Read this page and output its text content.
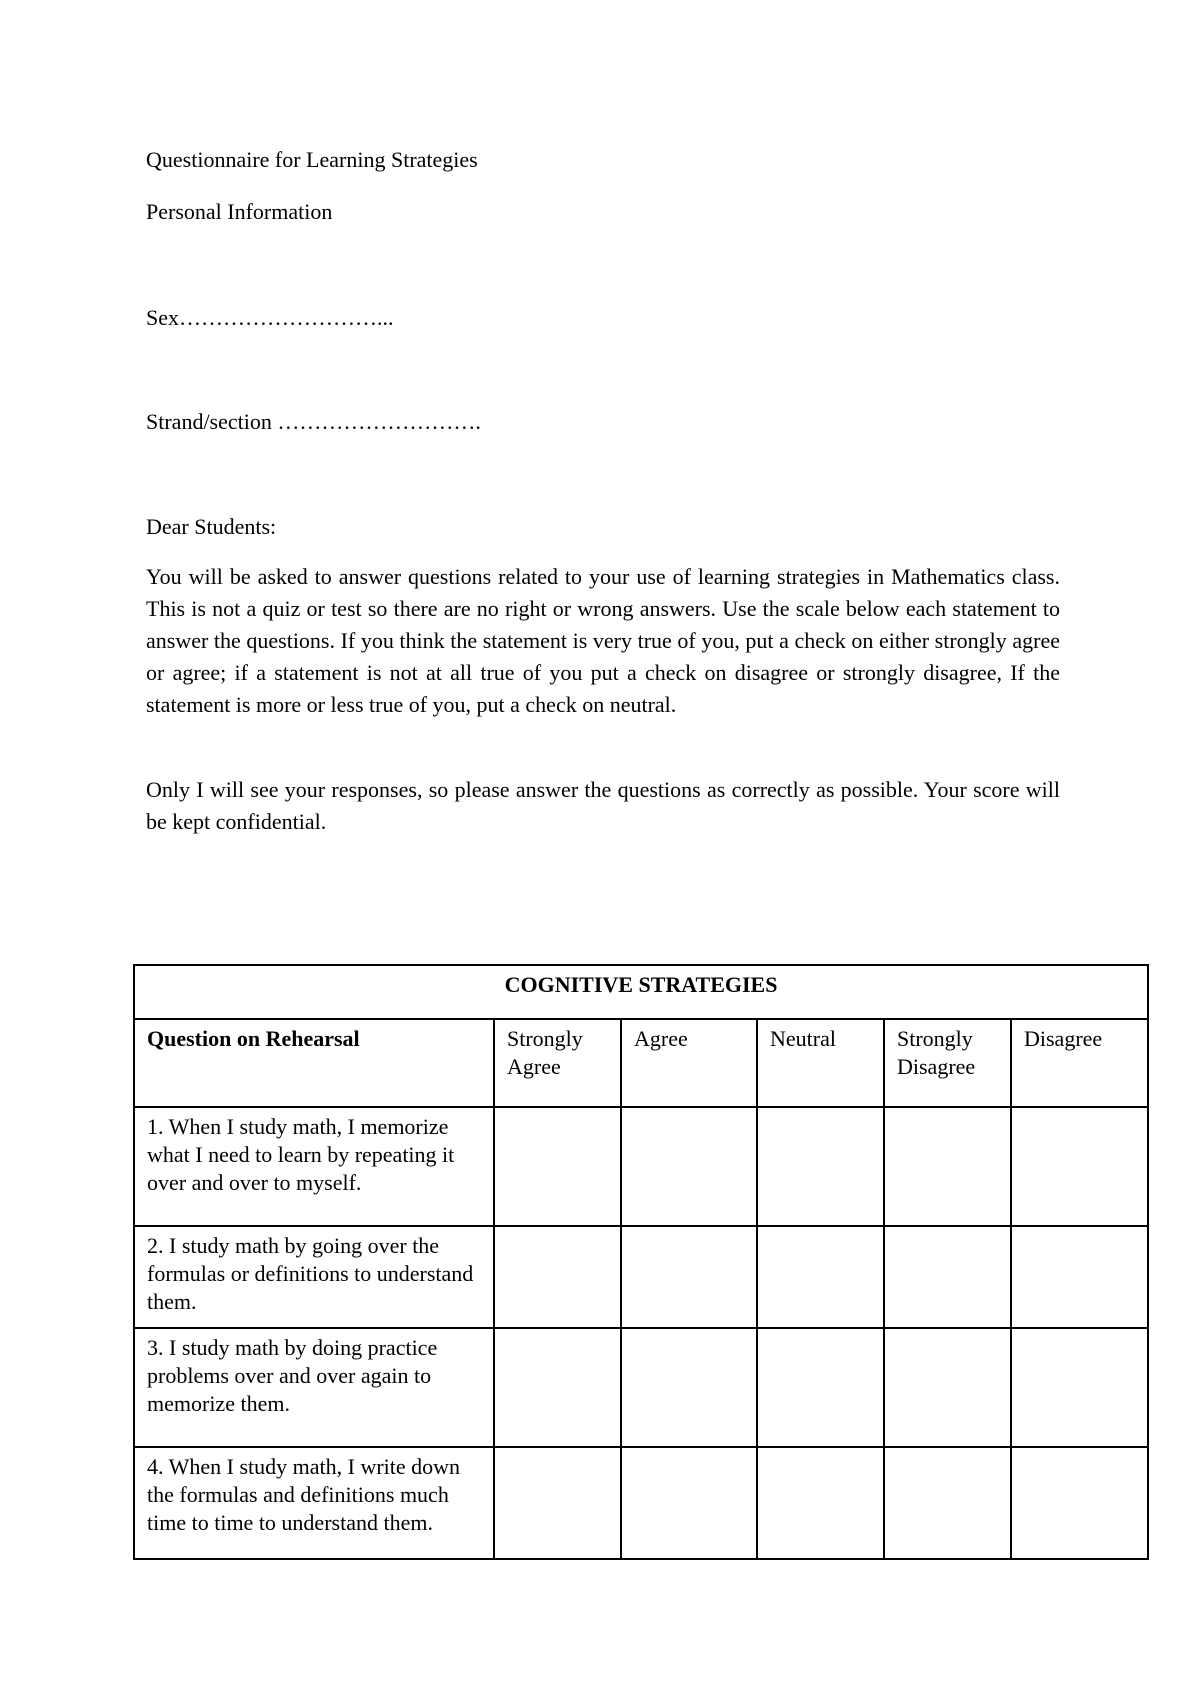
Questionnaire for Learning Strategies

Personal Information

Sex………………………...

Strand/section ……………………….

Dear Students:

You will be asked to answer questions related to your use of learning strategies in Mathematics class. This is not a quiz or test so there are no right or wrong answers. Use the scale below each statement to answer the questions. If you think the statement is very true of you, put a check on either strongly agree or agree; if a statement is not at all true of you put a check on disagree or strongly disagree, If the statement is more or less true of you, put a check on neutral.

Only I will see your responses, so please answer the questions as correctly as possible. Your score will be kept confidential.

COGNITIVE STRATEGIES					
Question on Rehearsal	Strongly Agree	Agree	Neutral	Strongly Disagree	Disagree
1. When I study math, I memorize what I need to learn by repeating it over and over to myself.					
2. I study math by going over the formulas or definitions to understand them.					
3. I study math by doing practice problems over and over again to memorize them.					
4. When I study math, I write down the formulas and definitions much time to time to understand them.					
